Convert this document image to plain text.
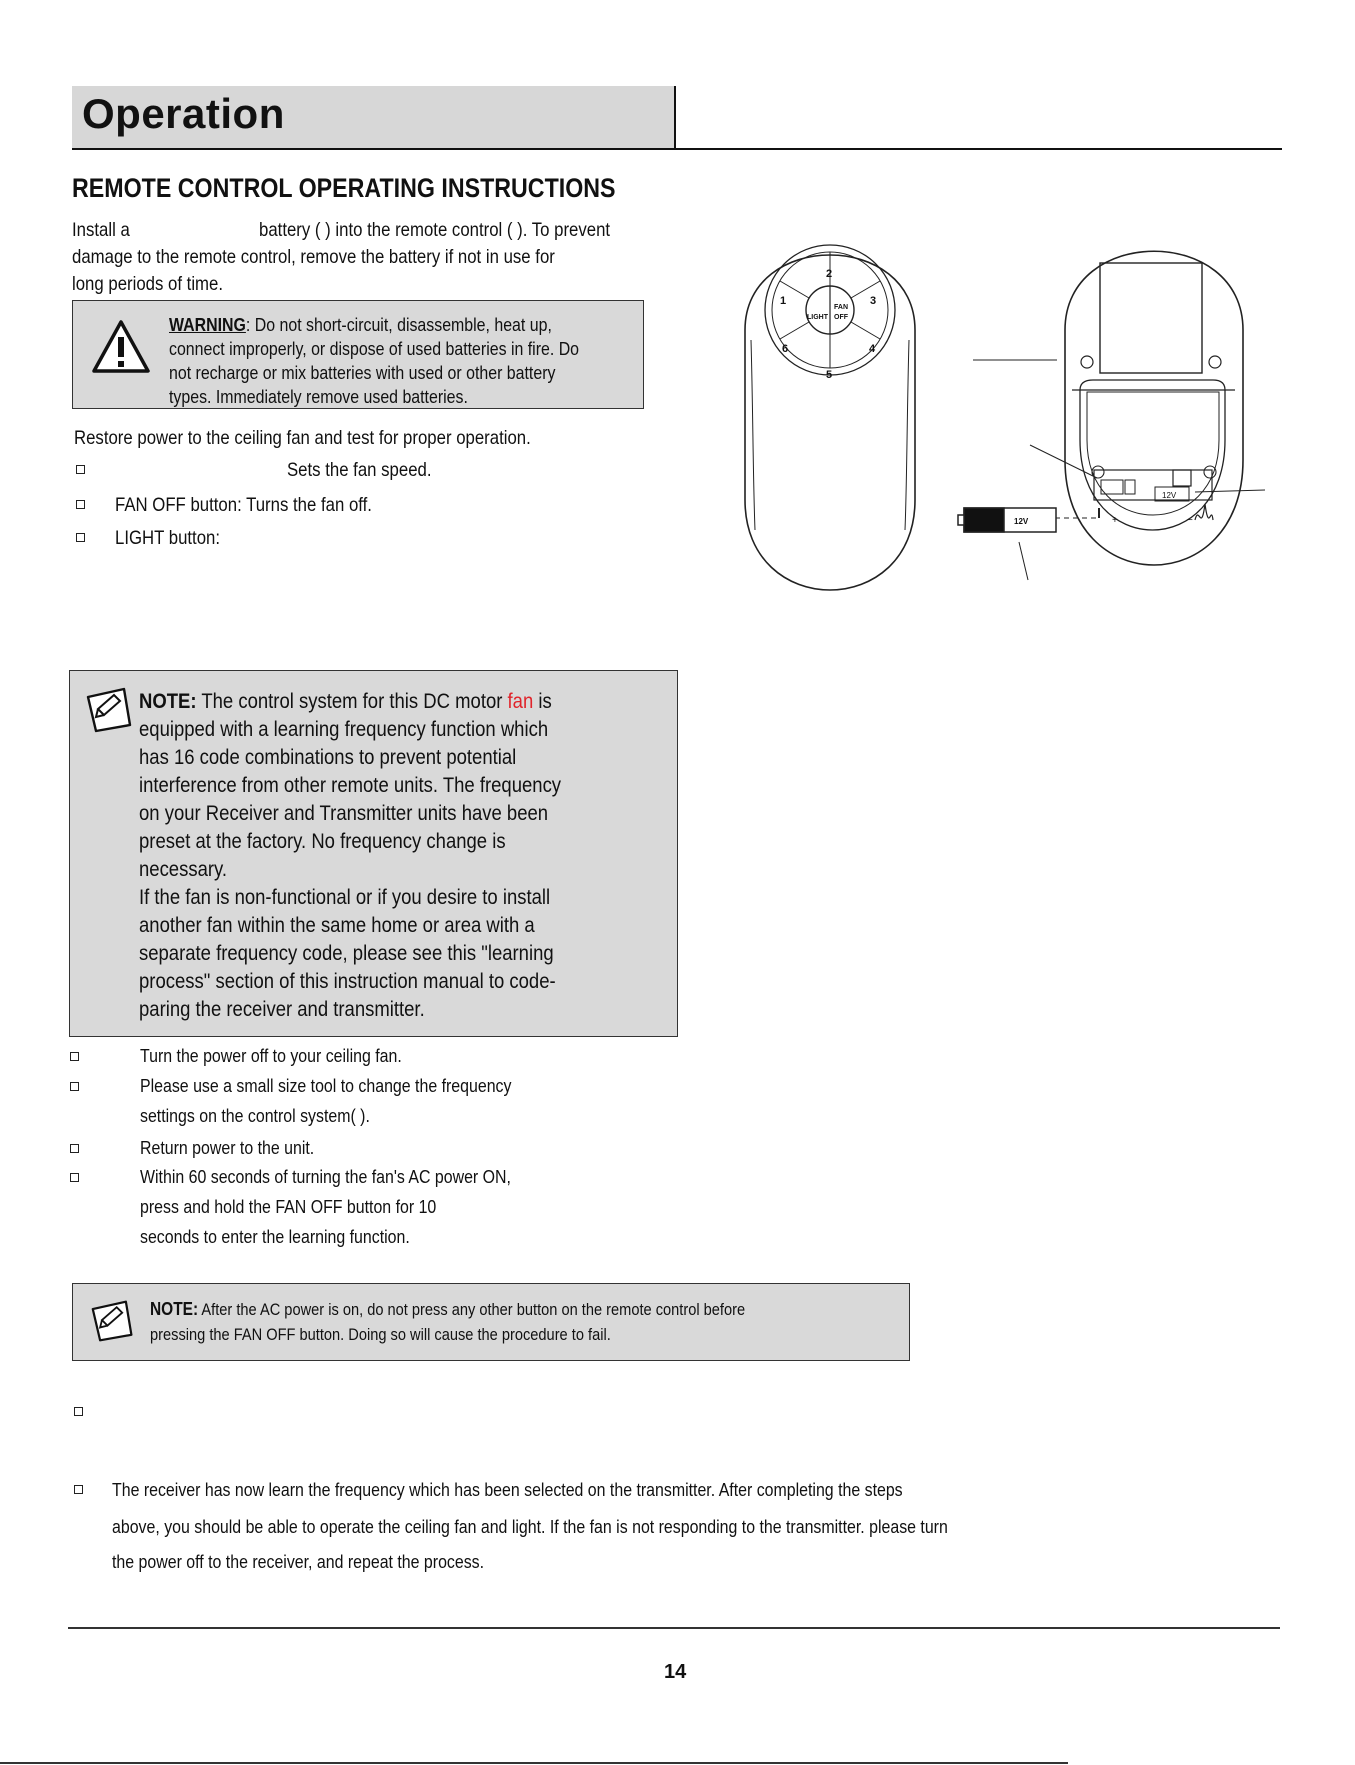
Operation
REMOTE CONTROL OPERATING INSTRUCTIONS
Install a	battery ( ) into the remote control ( ). To prevent
damage to the remote control, remove the battery if not in use for
long periods of time.
WARNING: Do not short-circuit, disassemble, heat up,
connect improperly, or dispose of used batteries in fire. Do
not recharge or mix batteries with used or other battery
types. Immediately remove used batteries.
Restore power to the ceiling fan and test for proper operation.
Sets the fan speed.
FAN OFF button: Turns the fan off.
LIGHT button:
2
1	3
6	4
5
LIGHT
FAN
OFF
12V
12V
+	−
NOTE: The control system for this DC motor fan is
equipped with a learning frequency function which
has 16 code combinations to prevent potential
interference from other remote units. The frequency
on your Receiver and Transmitter units have been
preset at the factory. No frequency change is
necessary.
If the fan is non-functional or if you desire to install
another fan within the same home or area with a
separate frequency code, please see this "learning
process" section of this instruction manual to code-
paring the receiver and transmitter.
Turn the power off to your ceiling fan.
Please use a small size tool to change the frequency
settings on the control system( ).
Return power to the unit.
Within 60 seconds of turning the fan's AC power ON,
press and hold the FAN OFF button for 10
seconds to enter the learning function.
NOTE: After the AC power is on, do not press any other button on the remote control before
pressing the FAN OFF button. Doing so will cause the procedure to fail.
The receiver has now learn the frequency which has been selected on the transmitter. After completing the steps
above, you should be able to operate the ceiling fan and light. If the fan is not responding to the transmitter. please turn
the power off to the receiver, and repeat the process.
14
